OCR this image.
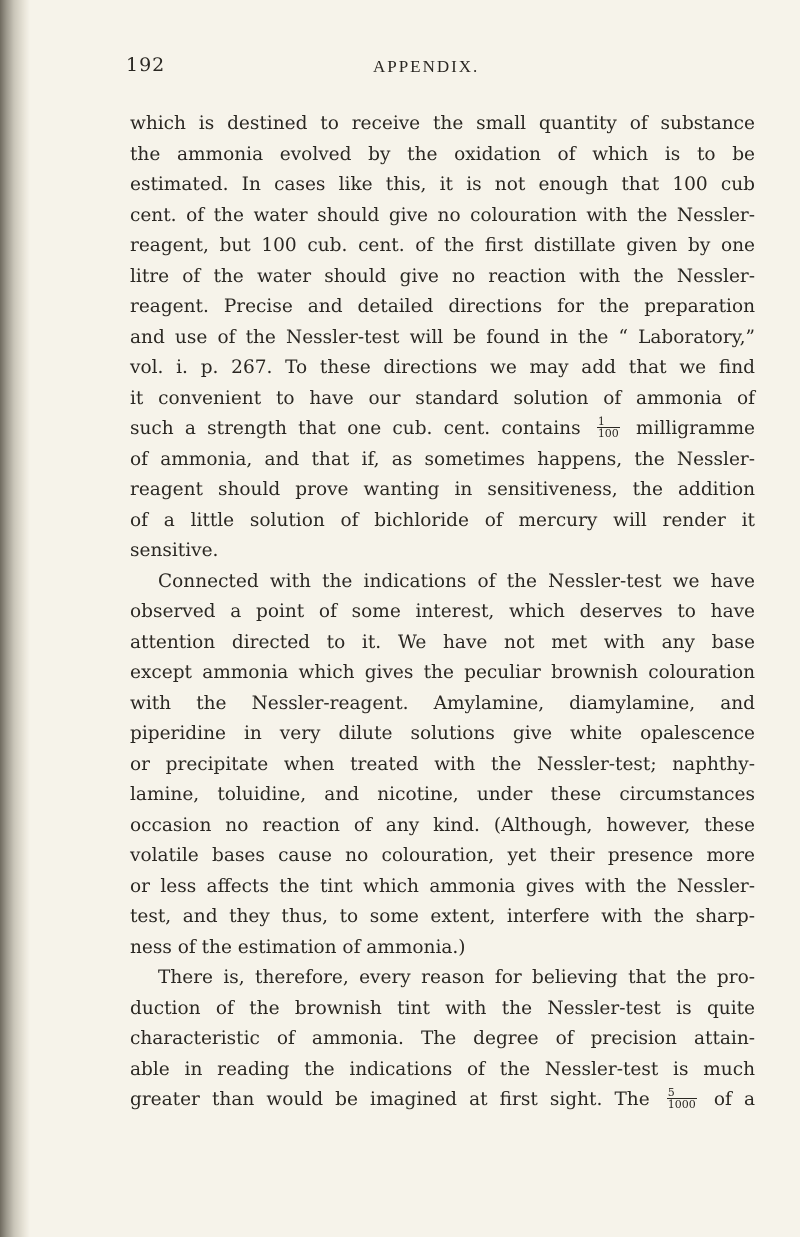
192	APPENDIX.
which is destined to receive the small quantity of substance
the ammonia evolved by the oxidation of which is to be
estimated. In cases like this, it is not enough that 100 cub
cent. of the water should give no colouration with the Nessler-
reagent, but 100 cub. cent. of the first distillate given by one
litre of the water should give no reaction with the Nessler-
reagent. Precise and detailed directions for the preparation
and use of the Nessler-test will be found in the “ Laboratory,”
vol. i. p. 267. To these directions we may add that we find
it convenient to have our standard solution of ammonia of
such a strength that one cub. cent. contains $\frac{1}{100}$ milligramme
of ammonia, and that if, as sometimes happens, the Nessler-
reagent should prove wanting in sensitiveness, the addition
of a little solution of bichloride of mercury will render it
sensitive.
Connected with the indications of the Nessler-test we have
observed a point of some interest, which deserves to have
attention directed to it. We have not met with any base
except ammonia which gives the peculiar brownish colouration
with the Nessler-reagent. Amylamine, diamylamine, and
piperidine in very dilute solutions give white opalescence
or precipitate when treated with the Nessler-test; naphthy-
lamine, toluidine, and nicotine, under these circumstances
occasion no reaction of any kind. (Although, however, these
volatile bases cause no colouration, yet their presence more
or less affects the tint which ammonia gives with the Nessler-
test, and they thus, to some extent, interfere with the sharp-
ness of the estimation of ammonia.)
There is, therefore, every reason for believing that the pro-
duction of the brownish tint with the Nessler-test is quite
characteristic of ammonia. The degree of precision attain-
able in reading the indications of the Nessler-test is much
greater than would be imagined at first sight. The $\frac{5}{1000}$ of a
